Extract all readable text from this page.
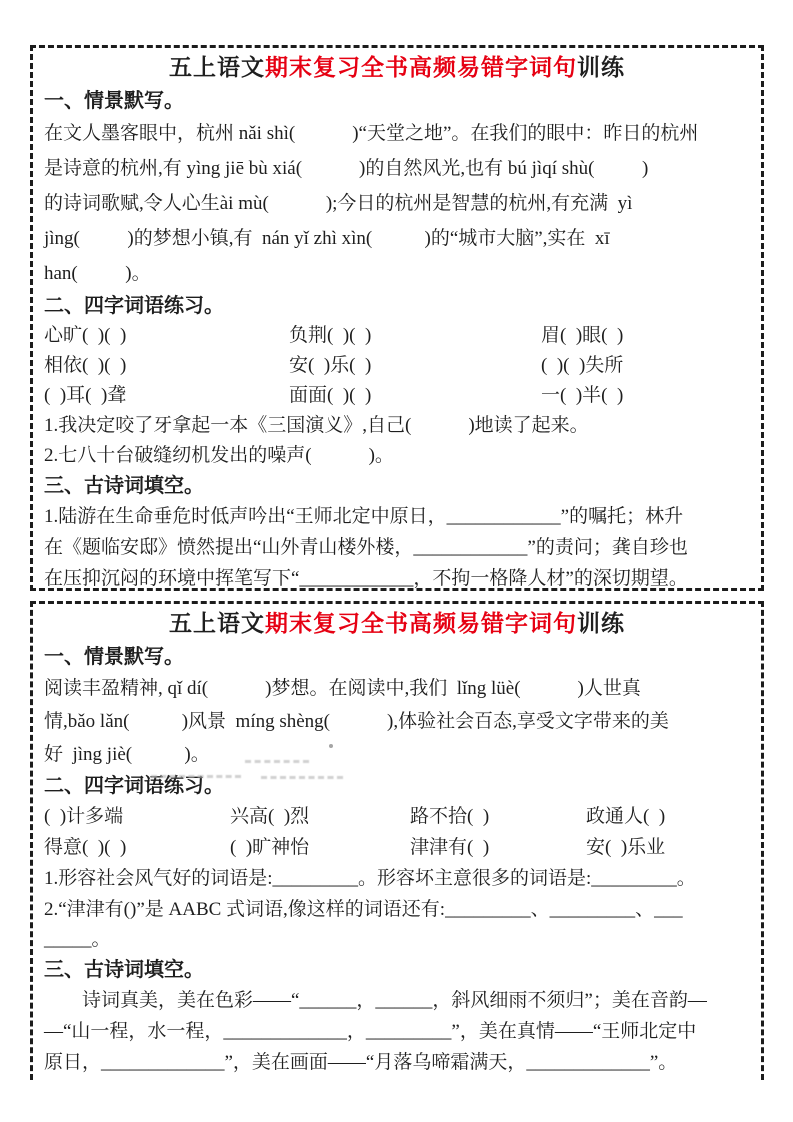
五上语文期末复习全书高频易错字词句训练
一、情景默写。
在文人墨客眼中，杭州 nǎi shì(            )“天堂之地”。在我们的眼中：昨日的杭州
是诗意的杭州,有 yìng jiē bù xiá(            )的自然风光,也有 bú jìqí shù(          )
的诗词歌赋,令人心生ài mù(            );今日的杭州是智慧的杭州,有充满  yì
jìng(          )的梦想小镇,有  nán yǐ zhì xìn(           )的“城市大脑”,实在  xī
han(          )。
二、四字词语练习。
心旷(  )(  )	负荆(  )(  )	眉(  )眼(  )
相依(  )(  )	安(  )乐(  )	(  )(  )失所
(  )耳(  )聋	面面(  )(  )	一(  )半(  )
1.我决定咬了牙拿起一本《三国演义》,自己(            )地读了起来。
2.七八十台破缝纫机发出的噪声(            )。
三、古诗词填空。
1.陆游在生命垂危时低声吟出“王师北定中原日，____________”的嘱托；林升
在《题临安邸》愤然提出“山外青山楼外楼，____________”的责问；龚自珍也
在压抑沉闷的环境中挥笔写下“____________，不拘一格降人材”的深切期望。
五上语文期末复习全书高频易错字词句训练
一、情景默写。
阅读丰盈精神, qǐ dí(            )梦想。在阅读中,我们  lǐng lüè(            )人世真
情,bǎo lǎn(           )风景  míng shèng(            ),体验社会百态,享受文字带来的美
好  jìng jiè(           )。
二、四字词语练习。
(  )计多端	兴高(  )烈	路不拾(  )	政通人(  )
得意(  )(  )	(  )旷神怡	津津有(  )	安(  )乐业
1.形容社会风气好的词语是:_________。形容坏主意很多的词语是:_________。
2.“津津有()”是 AABC 式词语,像这样的词语还有:_________、_________、___
_____。
三、古诗词填空。
　　诗词真美，美在色彩——“______，______，斜风细雨不须归”；美在音韵—
—“山一程，水一程，_____________，_________”，美在真情——“王师北定中
原日，_____________”，美在画面——“月落乌啼霜满天，_____________”。
